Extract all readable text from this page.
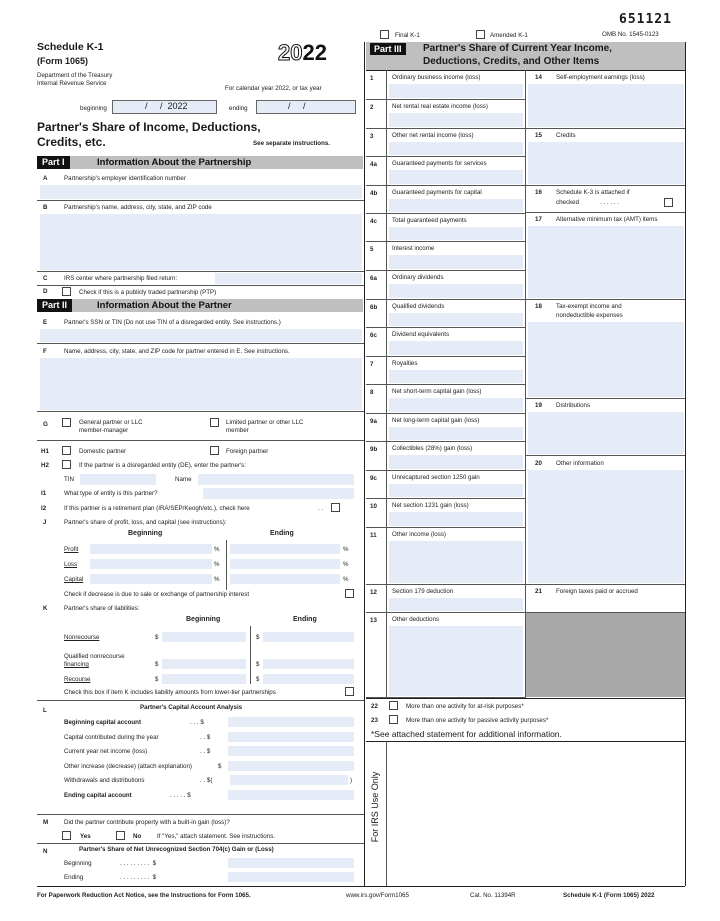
651121
Final K-1	Amended K-1	OMB No. 1545-0123
Schedule K-1
(Form 1065)	2022
Department of the Treasury
Internal Revenue Service
For calendar year 2022, or tax year
beginning	/     /  2022	ending	/     /
Partner's Share of Income, Deductions,
Credits, etc.	See separate instructions.
Part I	Information About the Partnership
A	Partnership's employer identification number
B	Partnership's name, address, city, state, and ZIP code
C	IRS center where partnership filed return:
D	Check if this is a publicly traded partnership (PTP)
Part II	Information About the Partner
E	Partner's SSN or TIN (Do not use TIN of a disregarded entity. See instructions.)
F	Name, address, city, state, and ZIP code for partner entered in E. See instructions.
G	General partner or LLC
member-manager
Limited partner or other LLC
member
H1	Domestic partner	Foreign partner
H2	If the partner is a disregarded entity (DE), enter the partner's:
TIN	Name
I1	What type of entity is this partner?
I2	If this partner is a retirement plan (IRA/SEP/Keogh/etc.), check here	. .
J	Partner's share of profit, loss, and capital (see instructions):
Beginning	Ending
Profit	%	%
Loss	%	%
Capital	%	%
Check if decrease is due to sale or exchange of partnership interest
K	Partner's share of liabilities:
Beginning	Ending
Nonrecourse	$	$
Qualified nonrecourse
financing	$	$
Recourse	$	$
Check this box if item K includes liability amounts from lower-tier partnerships
L	Partner's Capital Account Analysis
Beginning capital account	. . . $
Capital contributed during the year	. . $
Current year net income (loss)	. . $
Other increase (decrease) (attach explanation)	$
Withdrawals and distributions	. . $(	)
Ending capital account	. . . . . $
M	Did the partner contribute property with a built-in gain (loss)?
Yes	No	If "Yes," attach statement. See instructions.
N	Partner's Share of Net Unrecognized Section 704(c) Gain or (Loss)
Beginning	. . . . . . . . .  $
Ending	. . . . . . . . .  $
Part III	Partner's Share of Current Year Income,
Deductions, Credits, and Other Items
1	Ordinary business income (loss)
2	Net rental real estate income (loss)
3	Other net rental income (loss)
4a Guaranteed payments for services
4b Guaranteed payments for capital
4c Total guaranteed payments
5	Interest income
6a Ordinary dividends
6b Qualified dividends
6c Dividend equivalents
7	Royalties
8	Net short-term capital gain (loss)
9a Net long-term capital gain (loss)
9b Collectibles (28%) gain (loss)
9c Unrecaptured section 1250 gain
10 Net section 1231 gain (loss)
11 Other income (loss)
12 Section 179 deduction
13 Other deductions
14 Self-employment earnings (loss)
15 Credits
16 Schedule K-3 is attached if
checked	. . . . . .
17 Alternative minimum tax (AMT) items
18 Tax-exempt income and
nondeductible expenses
19 Distributions
20 Other information
21 Foreign taxes paid or accrued
22	More than one activity for at-risk purposes*
23	More than one activity for passive activity purposes*
*See attached statement for additional information.
For IRS Use Only
For Paperwork Reduction Act Notice, see the Instructions for Form 1065.	www.irs.gov/Form1065	Cat. No. 11394R	Schedule K-1 (Form 1065) 2022
